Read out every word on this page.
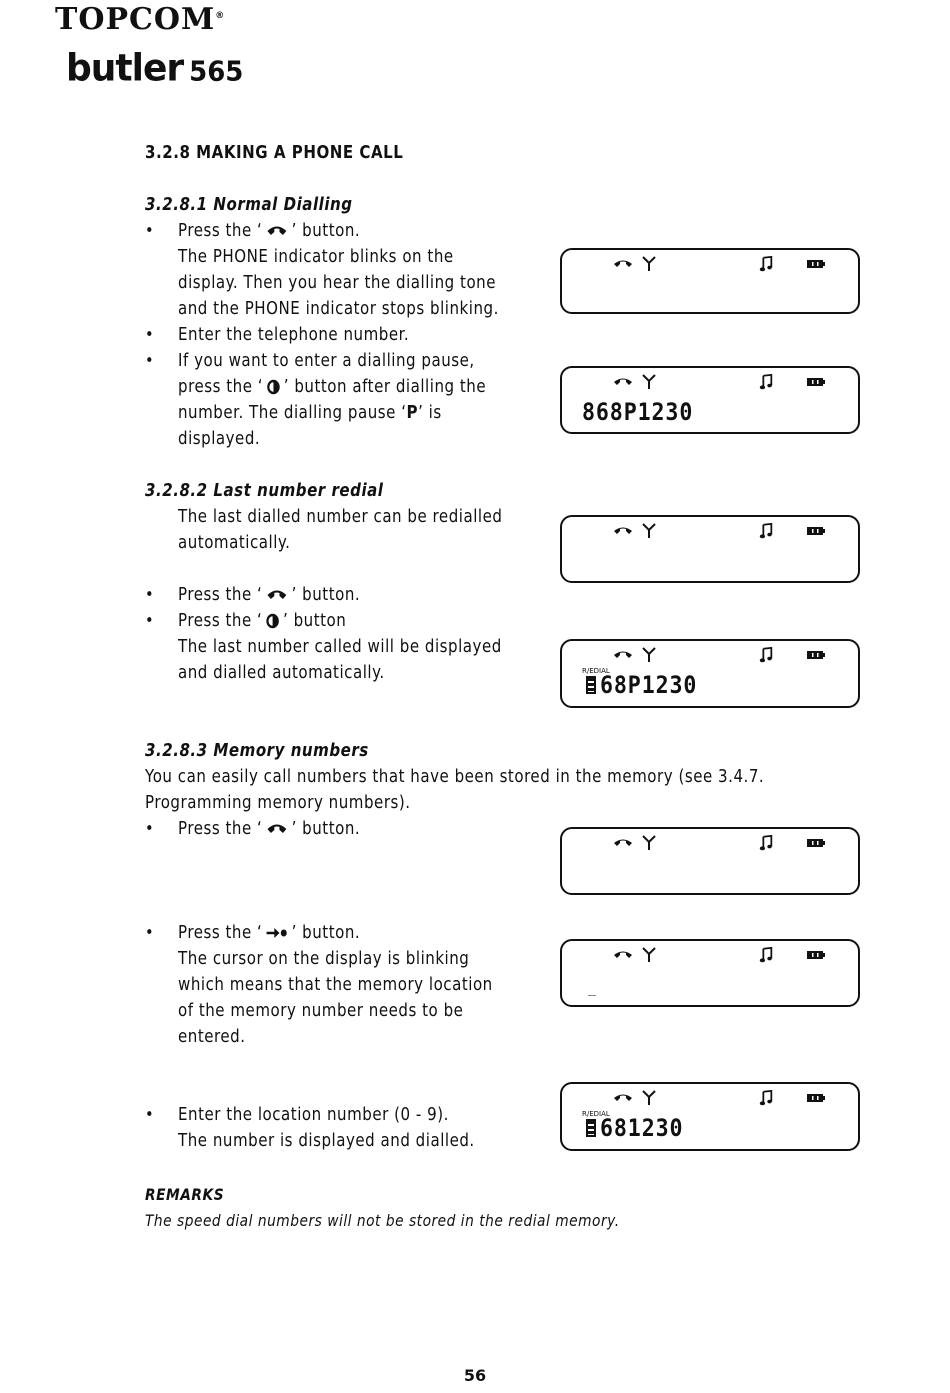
TOPCOM®
butler 565
3.2.8 MAKING A PHONE CALL
3.2.8.1 Normal Dialling
• Press the ‘ ’ button.
The PHONE indicator blinks on the
display. Then you hear the dialling tone
and the PHONE indicator stops blinking.
• Enter the telephone number.
• If you want to enter a dialling pause,
press the ‘ ’ button after dialling the
number. The dialling pause ‘P’ is
displayed.
3.2.8.2 Last number redial
The last dialled number can be redialled
automatically.
• Press the ‘ ’ button.
• Press the ‘ ’ button
The last number called will be displayed
and dialled automatically.
3.2.8.3 Memory numbers
You can easily call numbers that have been stored in the memory (see 3.4.7.
Programming memory numbers).
• Press the ‘ ’ button.
• Press the ‘ ’ button.
The cursor on the display is blinking
which means that the memory location
of the memory number needs to be
entered.
• Enter the location number (0 - 9).
The number is displayed and dialled.
REMARKS
The speed dial numbers will not be stored in the redial memory.
868P1230
R/EDIAL
68P1230
_
R/EDIAL
681230
56
